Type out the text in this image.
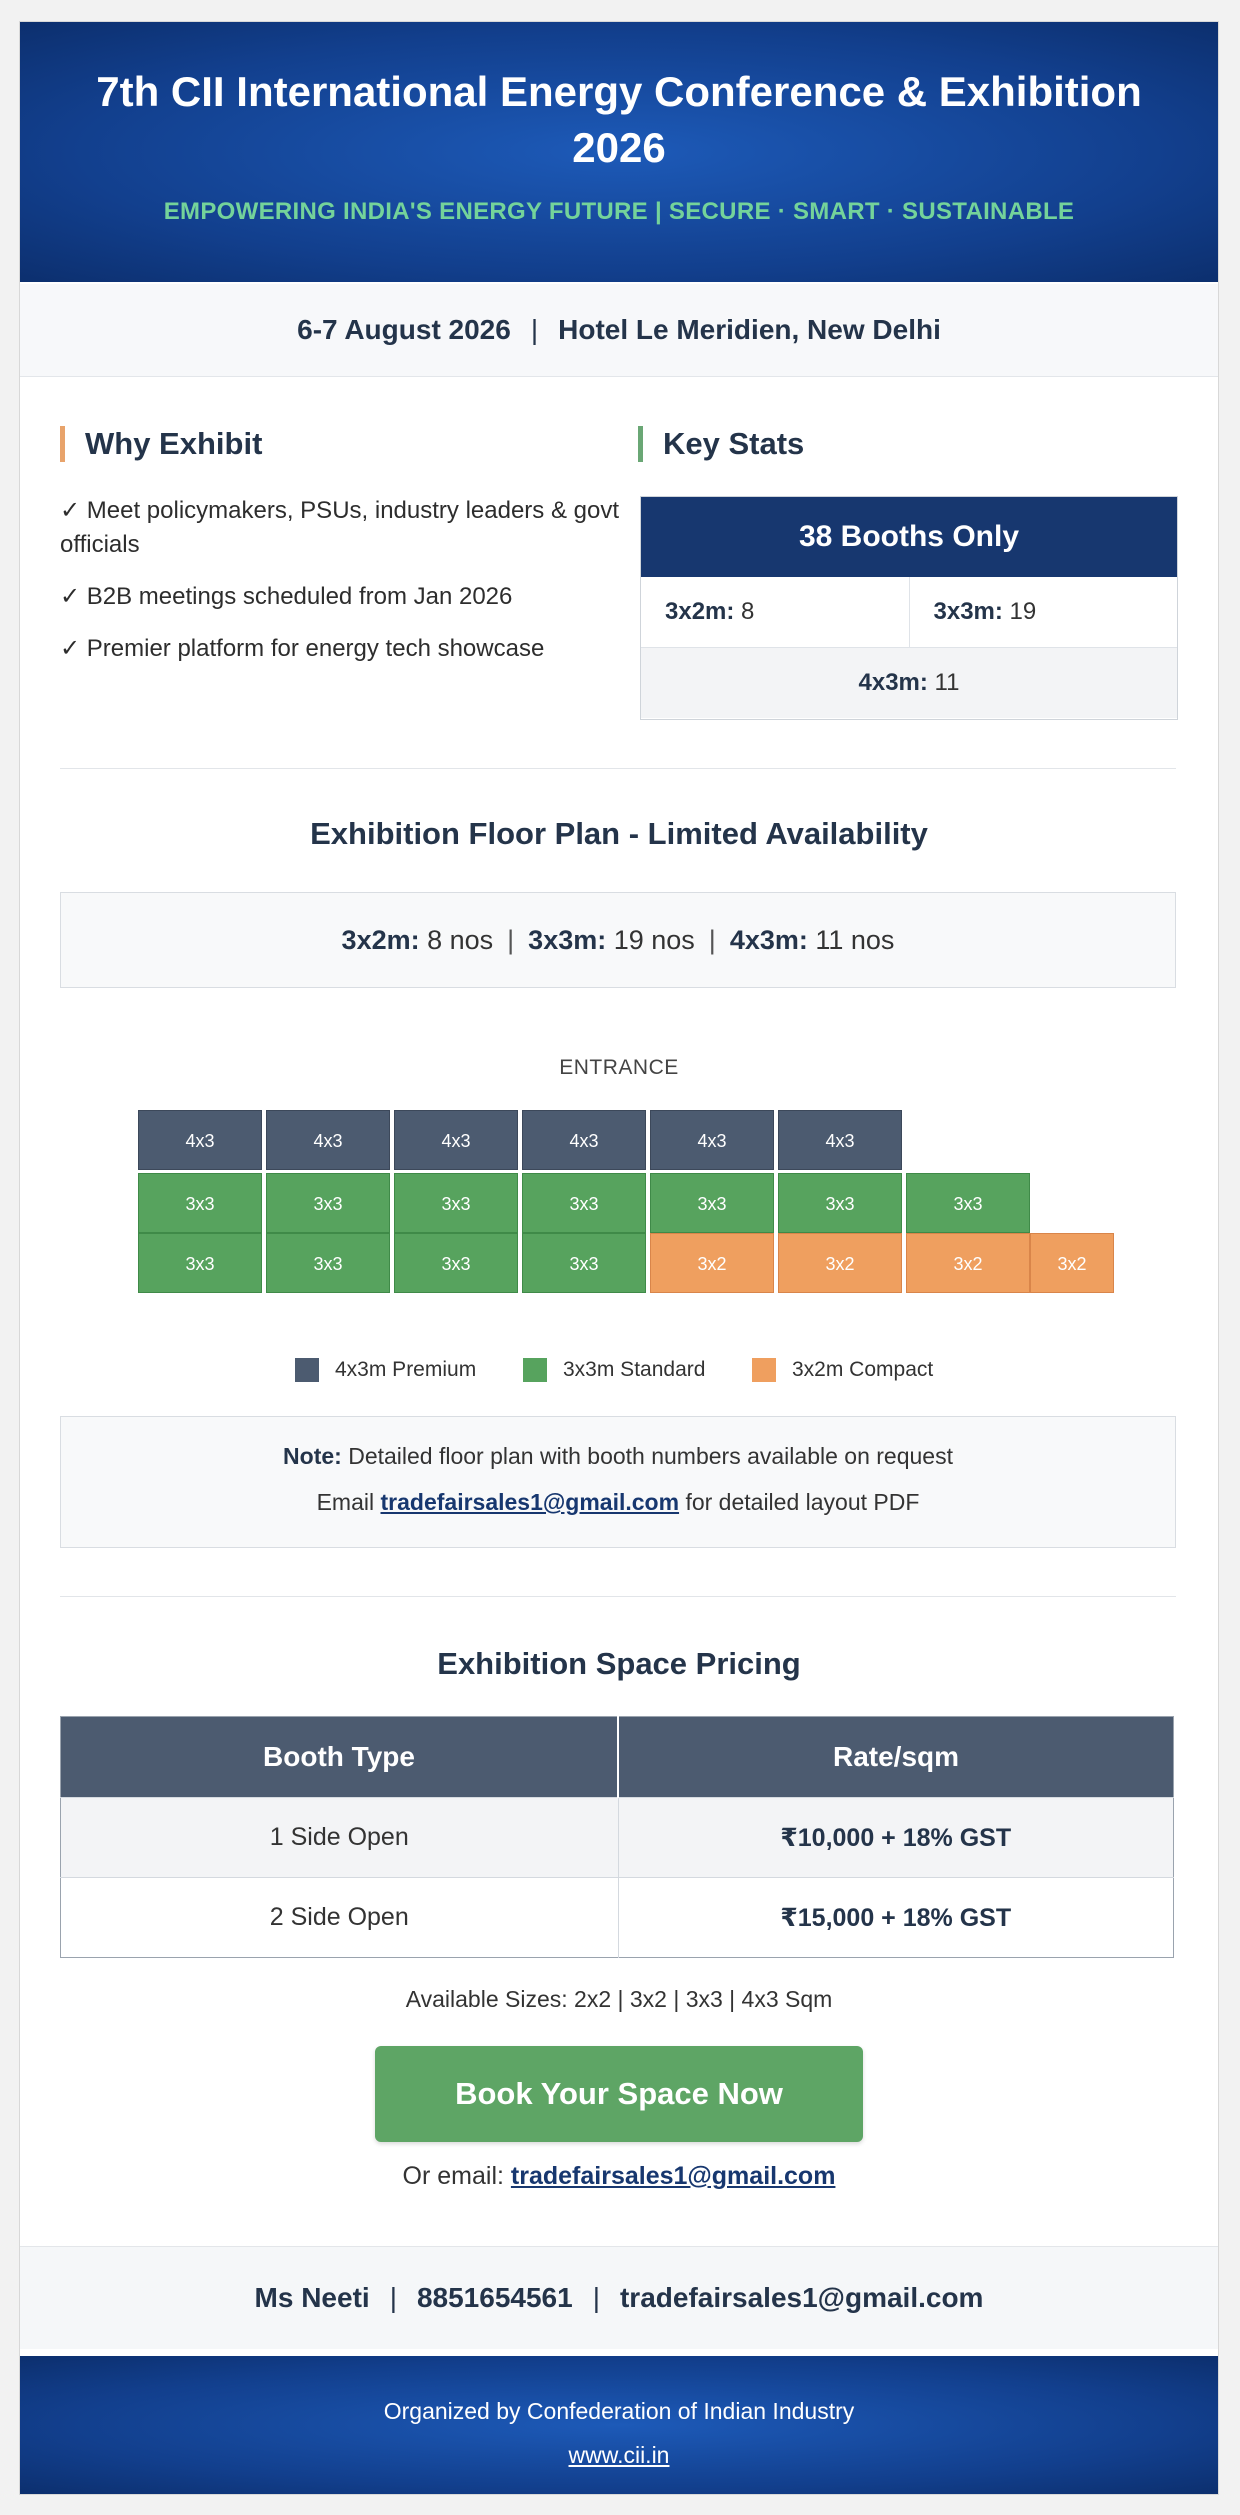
7th CII International Energy Conference & Exhibition 2026
EMPOWERING INDIA'S ENERGY FUTURE | SECURE · SMART · SUSTAINABLE
6-7 August 2026 | Hotel Le Meridien, New Delhi
Why Exhibit
✓ Meet policymakers, PSUs, industry leaders & govt officials
✓ B2B meetings scheduled from Jan 2026
✓ Premier platform for energy tech showcase
Key Stats
38 Booths Only
3x2m: 8	3x3m: 19
4x3m: 11
Exhibition Floor Plan - Limited Availability
3x2m: 8 nos | 3x3m: 19 nos | 4x3m: 11 nos
ENTRANCE
4x3	4x3	4x3	4x3	4x3	4x3
3x3	3x3	3x3	3x3	3x3	3x3	3x3
3x3	3x3	3x3	3x3	3x2	3x2	3x2	3x2
4x3m Premium	3x3m Standard	3x2m Compact
Note: Detailed floor plan with booth numbers available on request
Email tradefairsales1@gmail.com for detailed layout PDF
Exhibition Space Pricing
Booth Type	Rate/sqm
1 Side Open	₹10,000 + 18% GST
2 Side Open	₹15,000 + 18% GST
Available Sizes: 2x2 | 3x2 | 3x3 | 4x3 Sqm
Book Your Space Now
Or email: tradefairsales1@gmail.com
Ms Neeti | 8851654561 | tradefairsales1@gmail.com
Organized by Confederation of Indian Industry
www.cii.in
